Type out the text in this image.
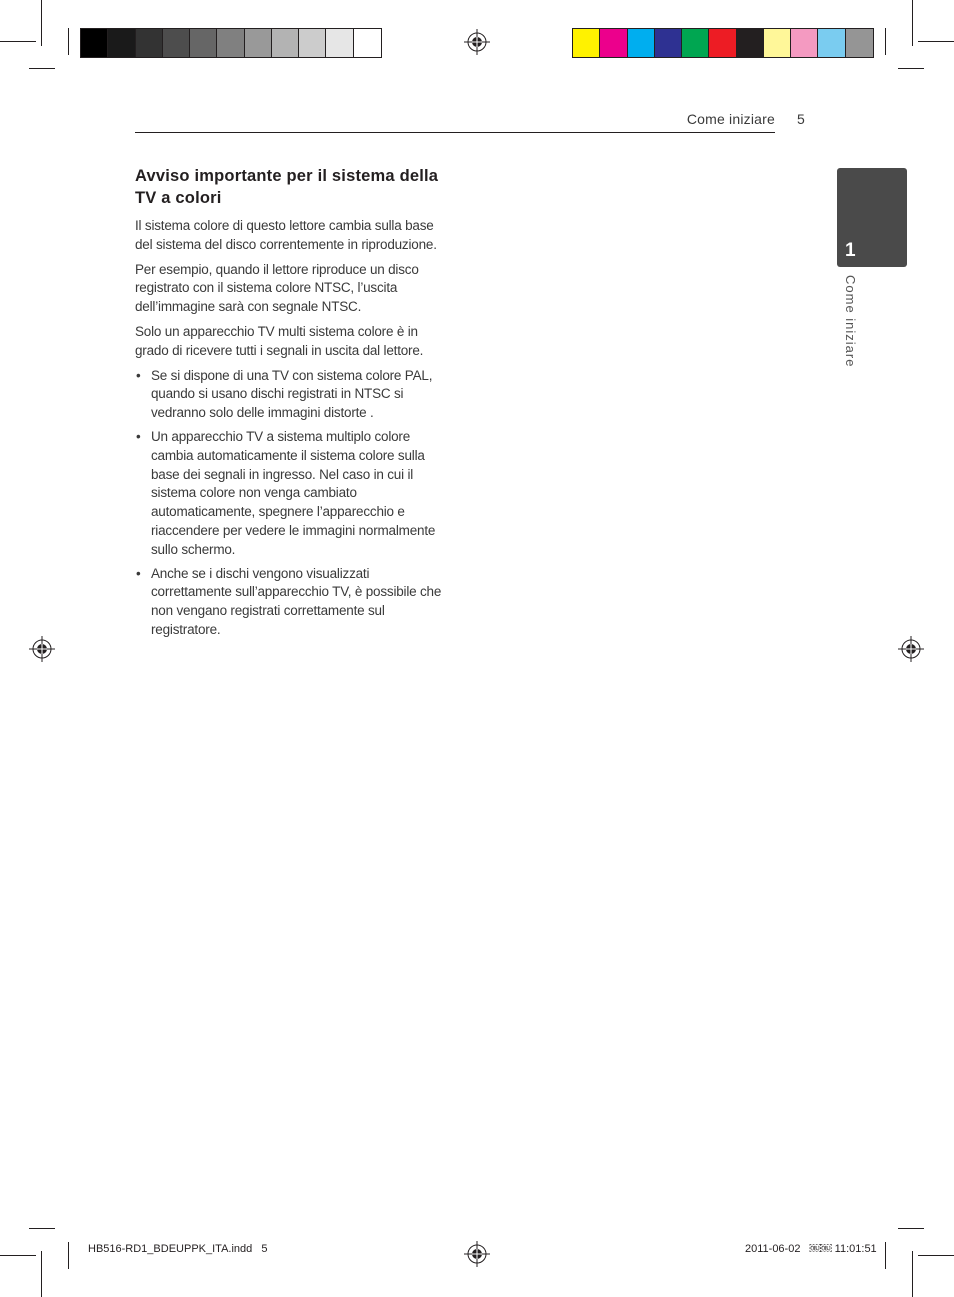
Come iniziare 5
1
Come iniziare
Avviso importante per il sistema della TV a colori

Il sistema colore di questo lettore cambia sulla base del sistema del disco correntemente in riproduzione.

Per esempio, quando il lettore riproduce un disco registrato con il sistema colore NTSC, l’uscita dell’immagine sarà con segnale NTSC.

Solo un apparecchio TV multi sistema colore è in grado di ricevere tutti i segnali in uscita dal lettore.

• Se si dispone di una TV con sistema colore PAL, quando si usano dischi registrati in NTSC si vedranno solo delle immagini distorte .
• Un apparecchio TV a sistema multiplo colore cambia automaticamente il sistema colore sulla base dei segnali in ingresso. Nel caso in cui il sistema colore non venga cambiato automaticamente, spegnere l’apparecchio e riaccendere per vedere le immagini normalmente sullo schermo.
• Anche se i dischi vengono visualizzati correttamente sull’apparecchio TV, è possibile che non vengano registrati correttamente sul registratore.
HB516-RD1_BDEUPPK_ITA.indd   5	2011-06-02   ￼￼ 11:01:51
